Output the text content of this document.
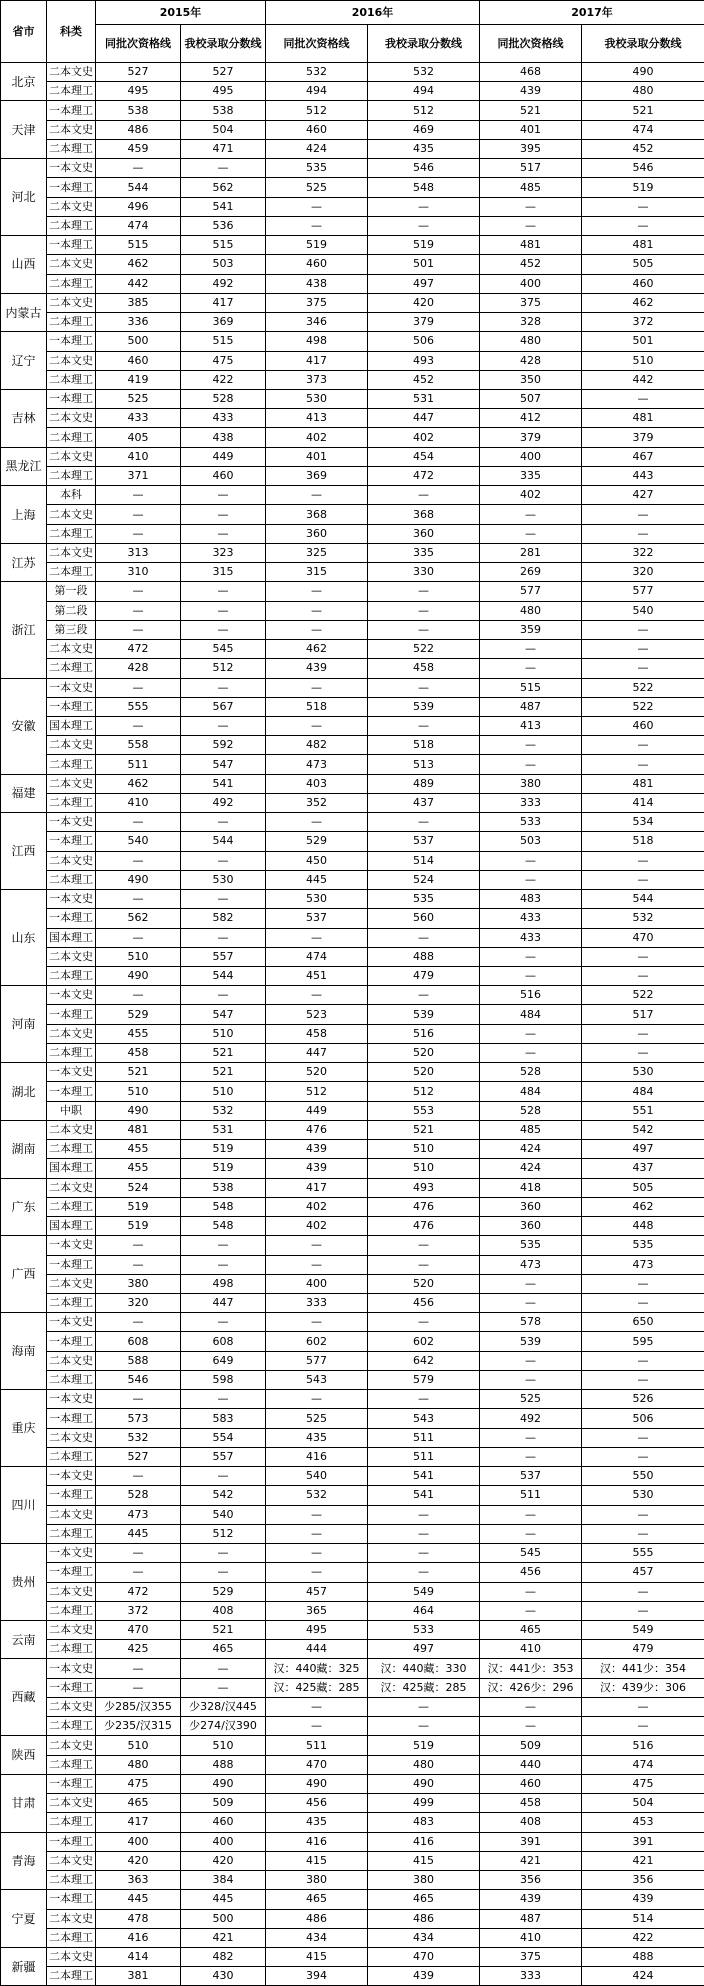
省市	科类	2015年		2016年		2017年	
		同批次资格线	我校录取分数线	同批次资格线	我校录取分数线	同批次资格线	我校录取分数线
北京	二本文史	527	527	532	532	468	490
	二本理工	495	495	494	494	439	480
天津	一本理工	538	538	512	512	521	521
	二本文史	486	504	460	469	401	474
	二本理工	459	471	424	435	395	452
河北	一本文史	—	—	535	546	517	546
	一本理工	544	562	525	548	485	519
	二本文史	496	541	—	—	—	—
	二本理工	474	536	—	—	—	—
山西	一本理工	515	515	519	519	481	481
	二本文史	462	503	460	501	452	505
	二本理工	442	492	438	497	400	460
内蒙古	二本文史	385	417	375	420	375	462
	二本理工	336	369	346	379	328	372
辽宁	一本理工	500	515	498	506	480	501
	二本文史	460	475	417	493	428	510
	二本理工	419	422	373	452	350	442
吉林	一本理工	525	528	530	531	507	—
	二本文史	433	433	413	447	412	481
	二本理工	405	438	402	402	379	379
黑龙江	二本文史	410	449	401	454	400	467
	二本理工	371	460	369	472	335	443
上海	本科	—	—	—	—	402	427
	二本文史	—	—	368	368	—	—
	二本理工	—	—	360	360	—	—
江苏	二本文史	313	323	325	335	281	322
	二本理工	310	315	315	330	269	320
浙江	第一段	—	—	—	—	577	577
	第二段	—	—	—	—	480	540
	第三段	—	—	—	—	359	—
	二本文史	472	545	462	522	—	—
	二本理工	428	512	439	458	—	—
安徽	一本文史	—	—	—	—	515	522
	一本理工	555	567	518	539	487	522
	国本理工	—	—	—	—	413	460
	二本文史	558	592	482	518	—	—
	二本理工	511	547	473	513	—	—
福建	二本文史	462	541	403	489	380	481
	二本理工	410	492	352	437	333	414
江西	一本文史	—	—	—	—	533	534
	一本理工	540	544	529	537	503	518
	二本文史	—	—	450	514	—	—
	二本理工	490	530	445	524	—	—
山东	一本文史	—	—	530	535	483	544
	一本理工	562	582	537	560	433	532
	国本理工	—	—	—	—	433	470
	二本文史	510	557	474	488	—	—
	二本理工	490	544	451	479	—	—
河南	一本文史	—	—	—	—	516	522
	一本理工	529	547	523	539	484	517
	二本文史	455	510	458	516	—	—
	二本理工	458	521	447	520	—	—
湖北	一本文史	521	521	520	520	528	530
	一本理工	510	510	512	512	484	484
	中职	490	532	449	553	528	551
湖南	二本文史	481	531	476	521	485	542
	二本理工	455	519	439	510	424	497
	国本理工	455	519	439	510	424	437
广东	二本文史	524	538	417	493	418	505
	二本理工	519	548	402	476	360	462
	国本理工	519	548	402	476	360	448
广西	一本文史	—	—	—	—	535	535
	一本理工	—	—	—	—	473	473
	二本文史	380	498	400	520	—	—
	二本理工	320	447	333	456	—	—
海南	一本文史	—	—	—	—	578	650
	一本理工	608	608	602	602	539	595
	二本文史	588	649	577	642	—	—
	二本理工	546	598	543	579	—	—
重庆	一本文史	—	—	—	—	525	526
	一本理工	573	583	525	543	492	506
	二本文史	532	554	435	511	—	—
	二本理工	527	557	416	511	—	—
四川	一本文史	—	—	540	541	537	550
	一本理工	528	542	532	541	511	530
	二本文史	473	540	—	—	—	—
	二本理工	445	512	—	—	—	—
贵州	一本文史	—	—	—	—	545	555
	一本理工	—	—	—	—	456	457
	二本文史	472	529	457	549	—	—
	二本理工	372	408	365	464	—	—
云南	二本文史	470	521	495	533	465	549
	二本理工	425	465	444	497	410	479
西藏	一本文史	—	—	汉：440藏：325	汉：440藏：330	汉：441少：353	汉：441少：354
	一本理工	—	—	汉：425藏：285	汉：425藏：285	汉：426少：296	汉：439少：306
	二本文史	少285/汉355	少328/汉445	—	—	—	—
	二本理工	少235/汉315	少274/汉390	—	—	—	—
陕西	二本文史	510	510	511	519	509	516
	二本理工	480	488	470	480	440	474
甘肃	一本理工	475	490	490	490	460	475
	二本文史	465	509	456	499	458	504
	二本理工	417	460	435	483	408	453
青海	一本理工	400	400	416	416	391	391
	二本文史	420	420	415	415	421	421
	二本理工	363	384	380	380	356	356
宁夏	一本理工	445	445	465	465	439	439
	二本文史	478	500	486	486	487	514
	二本理工	416	421	434	434	410	422
新疆	二本文史	414	482	415	470	375	488
	二本理工	381	430	394	439	333	424
